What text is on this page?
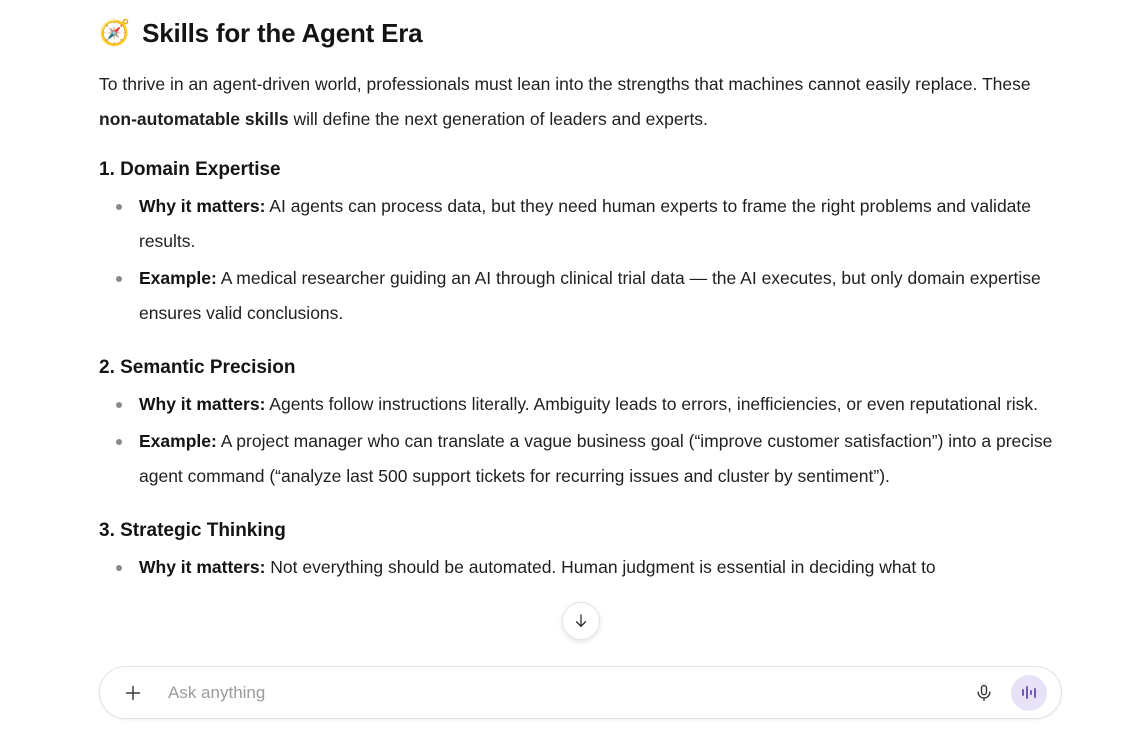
🧭 Skills for the Agent Era

To thrive in an agent-driven world, professionals must lean into the strengths that machines cannot easily replace. These non-automatable skills will define the next generation of leaders and experts.

1. Domain Expertise
Why it matters: AI agents can process data, but they need human experts to frame the right problems and validate results.
Example: A medical researcher guiding an AI through clinical trial data — the AI executes, but only domain expertise ensures valid conclusions.
2. Semantic Precision
Why it matters: Agents follow instructions literally. Ambiguity leads to errors, inefficiencies, or even reputational risk.
Example: A project manager who can translate a vague business goal (“improve customer satisfaction”) into a precise agent command (“analyze last 500 support tickets for recurring issues and cluster by sentiment”).
3. Strategic Thinking
Why it matters: Not everything should be automated. Human judgment is essential in deciding what to
Ask anything
